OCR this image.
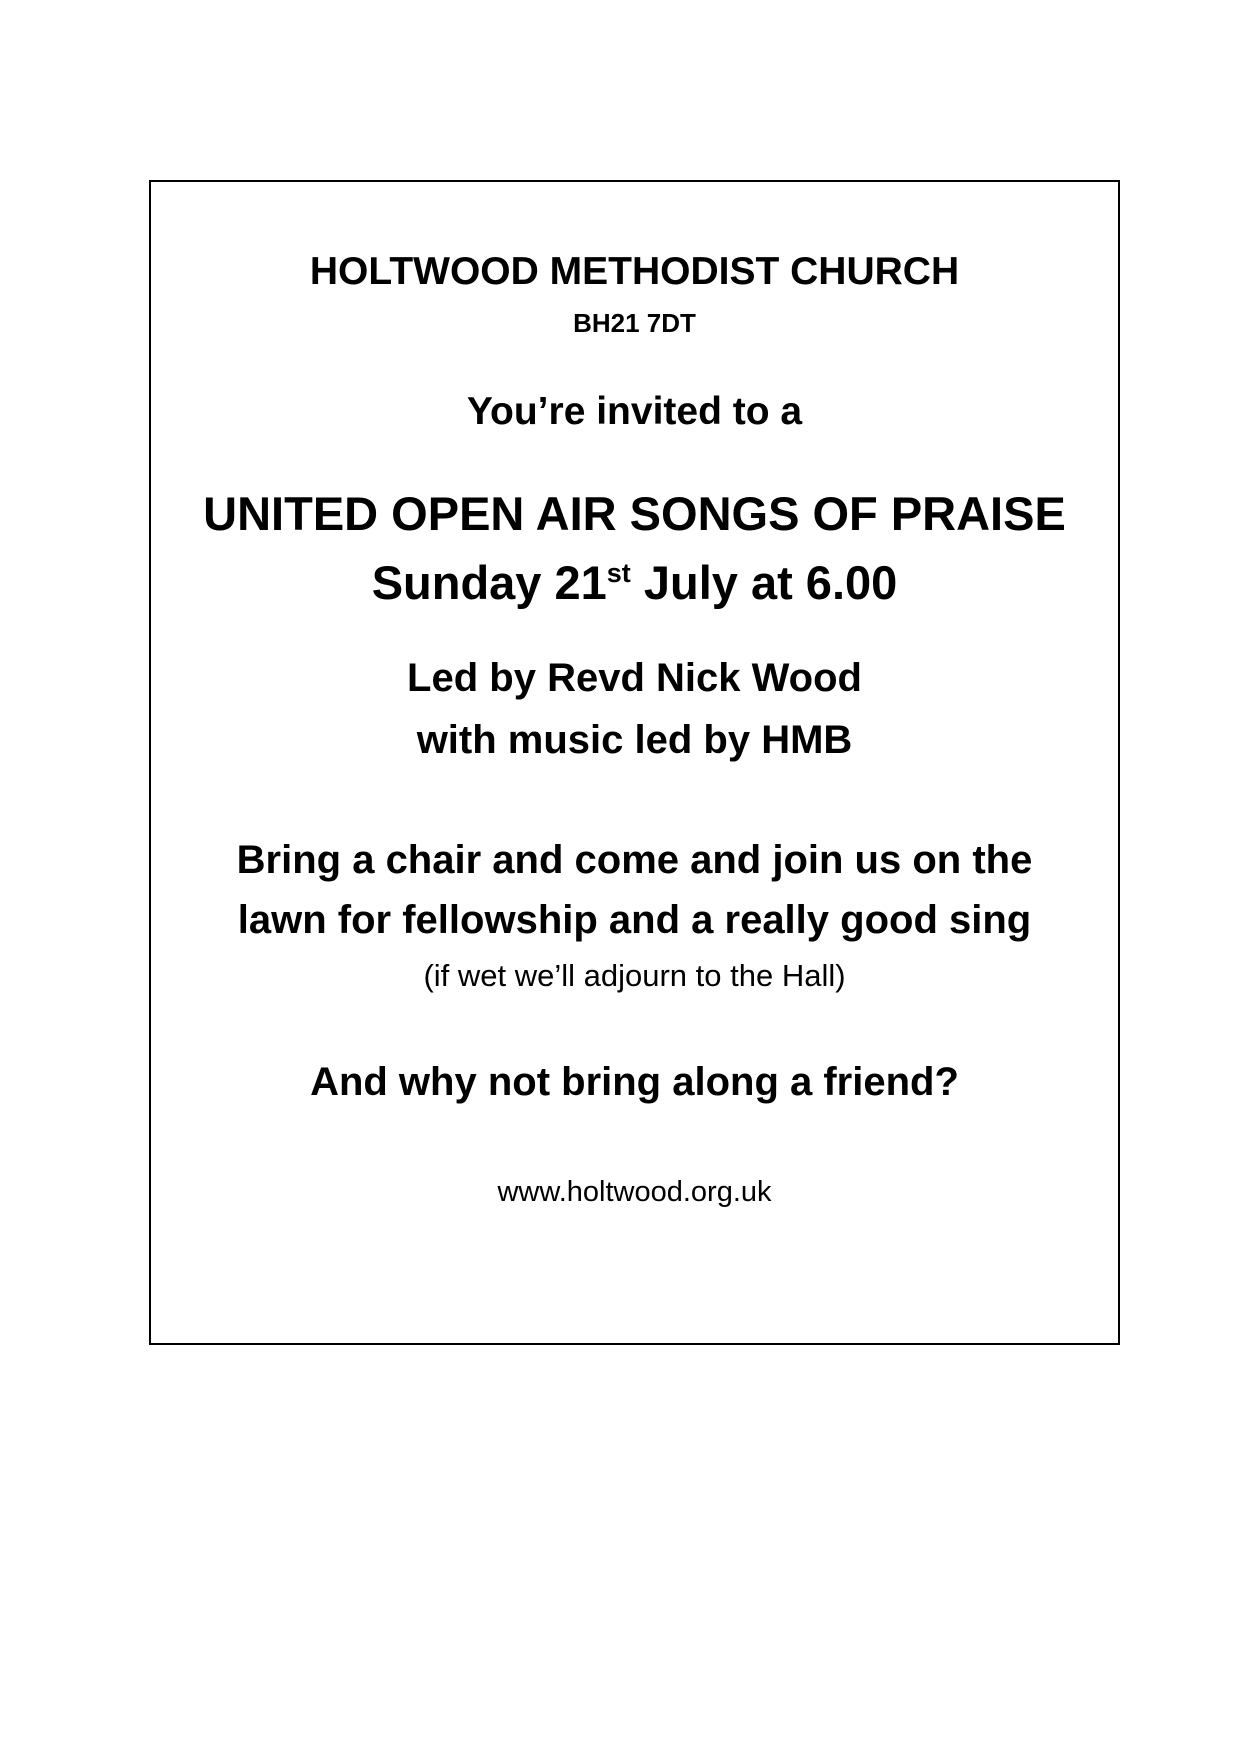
HOLTWOOD METHODIST CHURCH
BH21 7DT
You’re invited to a
UNITED OPEN AIR SONGS OF PRAISE
Sunday 21st July at 6.00
Led by Revd Nick Wood
with music led by HMB
Bring a chair and come and join us on the
lawn for fellowship and a really good sing
(if wet we’ll adjourn to the Hall)
And why not bring along a friend?
www.holtwood.org.uk
